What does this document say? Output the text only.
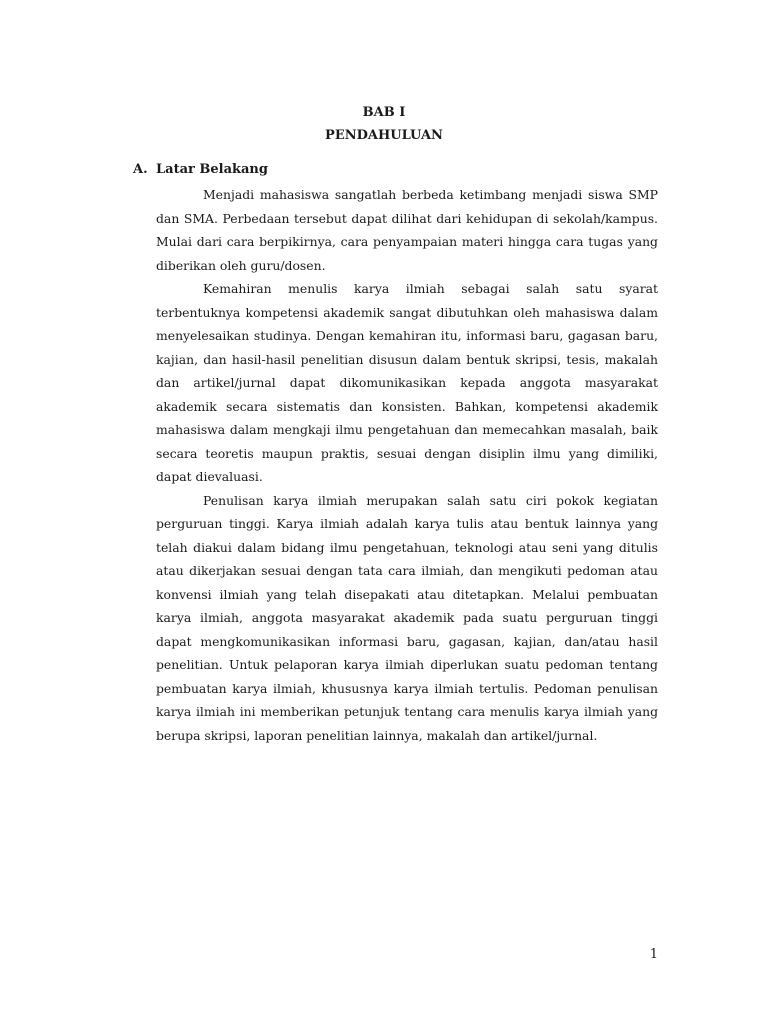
BAB I
PENDAHULUAN
A. Latar Belakang

Menjadi mahasiswa sangatlah berbeda ketimbang menjadi siswa SMP dan SMA. Perbedaan tersebut dapat dilihat dari kehidupan di sekolah/kampus. Mulai dari cara berpikirnya, cara penyampaian materi hingga cara tugas yang diberikan oleh guru/dosen.

Kemahiran menulis karya ilmiah sebagai salah satu syarat terbentuknya kompetensi akademik sangat dibutuhkan oleh mahasiswa dalam menyelesaikan studinya. Dengan kemahiran itu, informasi baru, gagasan baru, kajian, dan hasil-hasil penelitian disusun dalam bentuk skripsi, tesis, makalah dan artikel/jurnal dapat dikomunikasikan kepada anggota masyarakat akademik secara sistematis dan konsisten. Bahkan, kompetensi akademik mahasiswa dalam mengkaji ilmu pengetahuan dan memecahkan masalah, baik secara teoretis maupun praktis, sesuai dengan disiplin ilmu yang dimiliki, dapat dievaluasi.

Penulisan karya ilmiah merupakan salah satu ciri pokok kegiatan perguruan tinggi. Karya ilmiah adalah karya tulis atau bentuk lainnya yang telah diakui dalam bidang ilmu pengetahuan, teknologi atau seni yang ditulis atau dikerjakan sesuai dengan tata cara ilmiah, dan mengikuti pedoman atau konvensi ilmiah yang telah disepakati atau ditetapkan. Melalui pembuatan karya ilmiah, anggota masyarakat akademik pada suatu perguruan tinggi dapat mengkomunikasikan informasi baru, gagasan, kajian, dan/atau hasil penelitian. Untuk pelaporan karya ilmiah diperlukan suatu pedoman tentang pembuatan karya ilmiah, khususnya karya ilmiah tertulis. Pedoman penulisan karya ilmiah ini memberikan petunjuk tentang cara menulis karya ilmiah yang berupa skripsi, laporan penelitian lainnya, makalah dan artikel/jurnal.

1
